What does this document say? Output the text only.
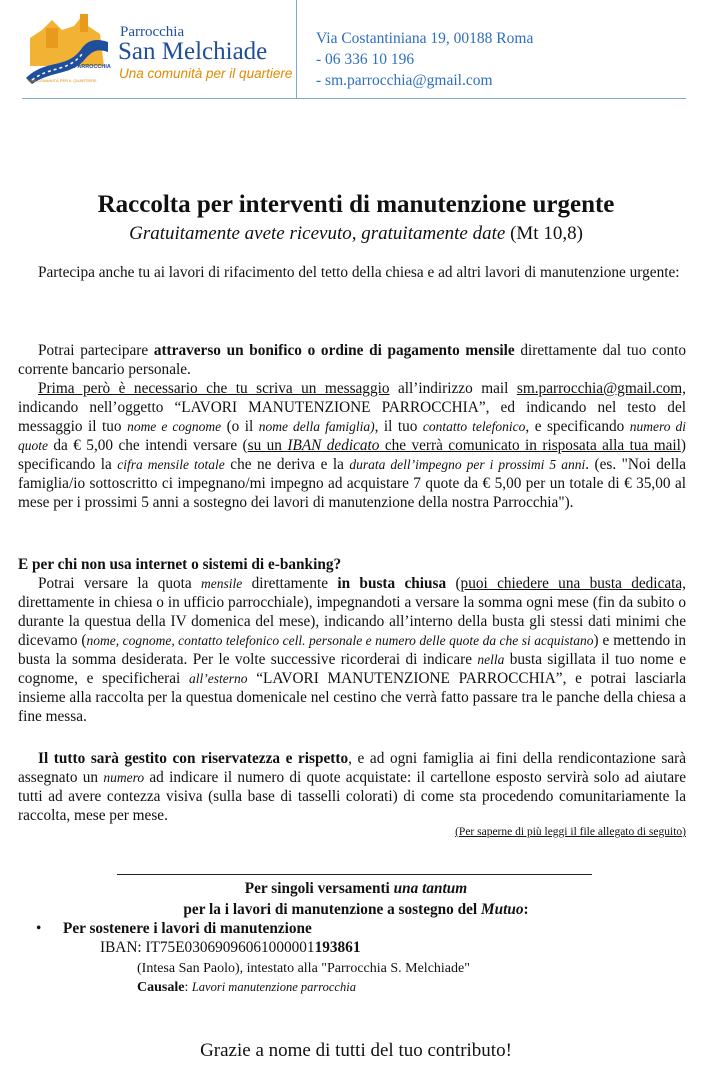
PARROCCHIA
UNA COMUNITÀ PER IL QUARTIERE
Parrocchia
San Melchiade
Una comunità per il quartiere
Via Costantiniana 19, 00188 Roma
- 06 336 10 196
- sm.parrocchia@gmail.com
Raccolta per interventi di manutenzione urgente
Gratuitamente avete ricevuto, gratuitamente date (Mt 10,8)
Partecipa anche tu ai lavori di rifacimento del tetto della chiesa e ad altri lavori di manutenzione urgente:
Potrai partecipare attraverso un bonifico o ordine di pagamento mensile direttamente dal tuo conto corrente bancario personale.
Prima però è necessario che tu scriva un messaggio all’indirizzo mail sm.parrocchia@gmail.com, indicando nell’oggetto “LAVORI MANUTENZIONE PARROCCHIA”, ed indicando nel testo del messaggio il tuo nome e cognome (o il nome della famiglia), il tuo contatto telefonico, e specificando numero di quote da € 5,00 che intendi versare (su un IBAN dedicato che verrà comunicato in risposata alla tua mail) specificando la cifra mensile totale che ne deriva e la durata dell’impegno per i prossimi 5 anni. (es. "Noi della famiglia/io sottoscritto ci impegnano/mi impegno ad acquistare 7 quote da € 5,00 per un totale di € 35,00 al mese per i prossimi 5 anni a sostegno dei lavori di manutenzione della nostra Parrocchia").
E per chi non usa internet o sistemi di e-banking?
Potrai versare la quota mensile direttamente in busta chiusa (puoi chiedere una busta dedicata, direttamente in chiesa o in ufficio parrocchiale), impegnandoti a versare la somma ogni mese (fin da subito o durante la questua della IV domenica del mese), indicando all’interno della busta gli stessi dati minimi che dicevamo (nome, cognome, contatto telefonico cell. personale e numero delle quote da che si acquistano) e mettendo in busta la somma desiderata. Per le volte successive ricorderai di indicare nella busta sigillata il tuo nome e cognome, e specificherai all’esterno “LAVORI MANUTENZIONE PARROCCHIA”, e potrai lasciarla insieme alla raccolta per la questua domenicale nel cestino che verrà fatto passare tra le panche della chiesa a fine messa.
Il tutto sarà gestito con riservatezza e rispetto, e ad ogni famiglia ai fini della rendicontazione sarà assegnato un numero ad indicare il numero di quote acquistate: il cartellone esposto servirà solo ad aiutare tutti ad avere contezza visiva (sulla base di tasselli colorati) di come sta procedendo comunitariamente la raccolta, mese per mese.
(Per saperne di più leggi il file allegato di seguito)
Per singoli versamenti una tantum
per la i lavori di manutenzione a sostegno del Mutuo:
• Per sostenere i lavori di manutenzione
IBAN: IT75E03069096061000001193861
(Intesa San Paolo), intestato alla "Parrocchia S. Melchiade"
Causale: Lavori manutenzione parrocchia
Grazie a nome di tutti del tuo contributo!
